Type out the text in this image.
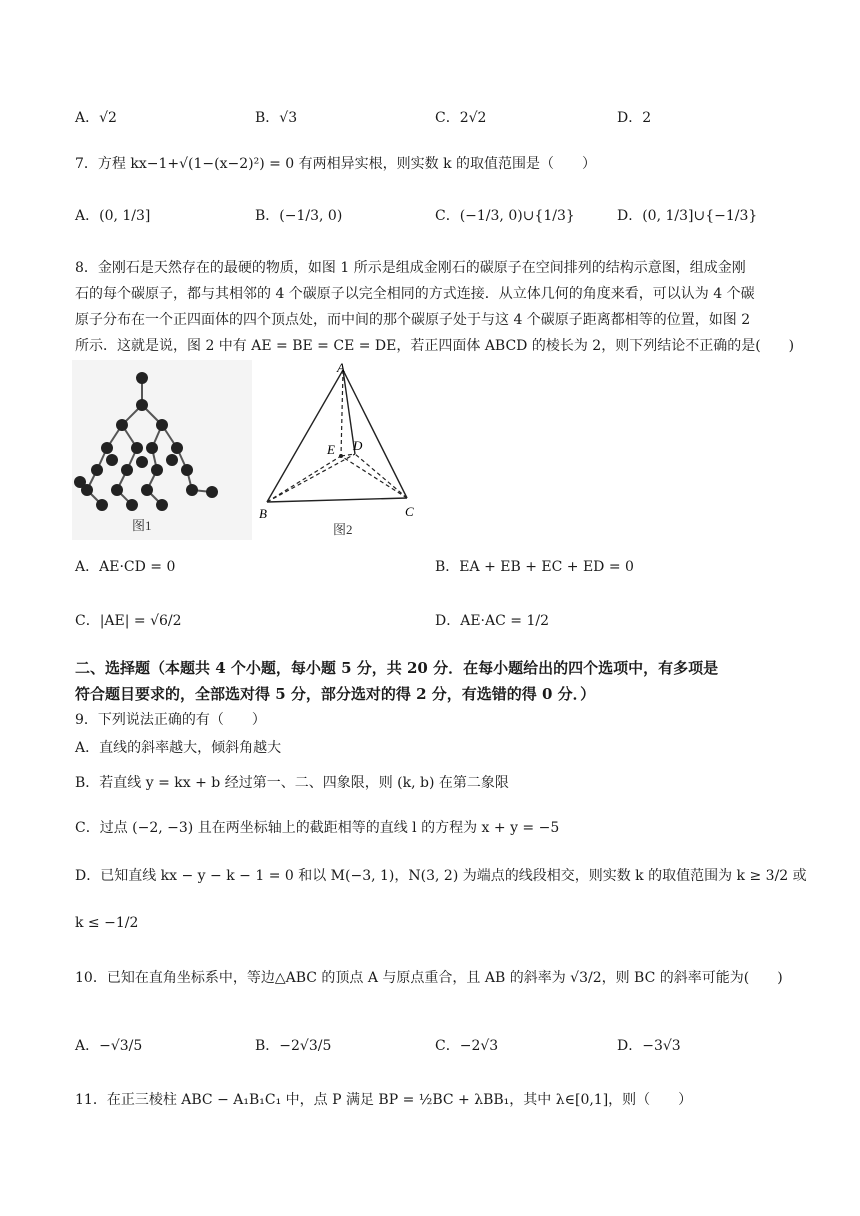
A．√2	B．√3	C．2√2	D．2
7．方程 kx−1+√(1−(x−2)²) = 0 有两相异实根，则实数 k 的取值范围是（　　）
A．(0, 1/3]	B．(−1/3, 0)	C．(−1/3, 0)∪{1/3}	D．(0, 1/3]∪{−1/3}
8．金刚石是天然存在的最硬的物质，如图 1 所示是组成金刚石的碳原子在空间排列的结构示意图，组成金刚
石的每个碳原子，都与其相邻的 4 个碳原子以完全相同的方式连接．从立体几何的角度来看，可以认为 4 个碳
原子分布在一个正四面体的四个顶点处，而中间的那个碳原子处于与这 4 个碳原子距离都相等的位置，如图 2
所示．这就是说，图 2 中有 AE = BE = CE = DE，若正四面体 ABCD 的棱长为 2，则下列结论不正确的是(　　)
图1
A
B	C
D
E
图2
A．AE·CD = 0	B．EA + EB + EC + ED = 0
C．|AE| = √6/2	D．AE·AC = 1/2
二、选择题（本题共 4 个小题，每小题 5 分，共 20 分．在每小题给出的四个选项中，有多项是
符合题目要求的，全部选对得 5 分，部分选对的得 2 分，有选错的得 0 分．）
9．下列说法正确的有（　　）
A．直线的斜率越大，倾斜角越大
B．若直线 y = kx + b 经过第一、二、四象限，则 (k, b) 在第二象限
C．过点 (−2, −3) 且在两坐标轴上的截距相等的直线 l 的方程为 x + y = −5
D．已知直线 kx − y − k − 1 = 0 和以 M(−3, 1)，N(3, 2) 为端点的线段相交，则实数 k 的取值范围为 k ≥ 3/2 或
k ≤ −1/2
10．已知在直角坐标系中，等边△ABC 的顶点 A 与原点重合，且 AB 的斜率为 √3/2，则 BC 的斜率可能为(　　)
A．−√3/5	B．−2√3/5	C．−2√3	D．−3√3
11．在正三棱柱 ABC − A₁B₁C₁ 中，点 P 满足 BP = ½BC + λBB₁，其中 λ∈[0,1]，则（　　）
